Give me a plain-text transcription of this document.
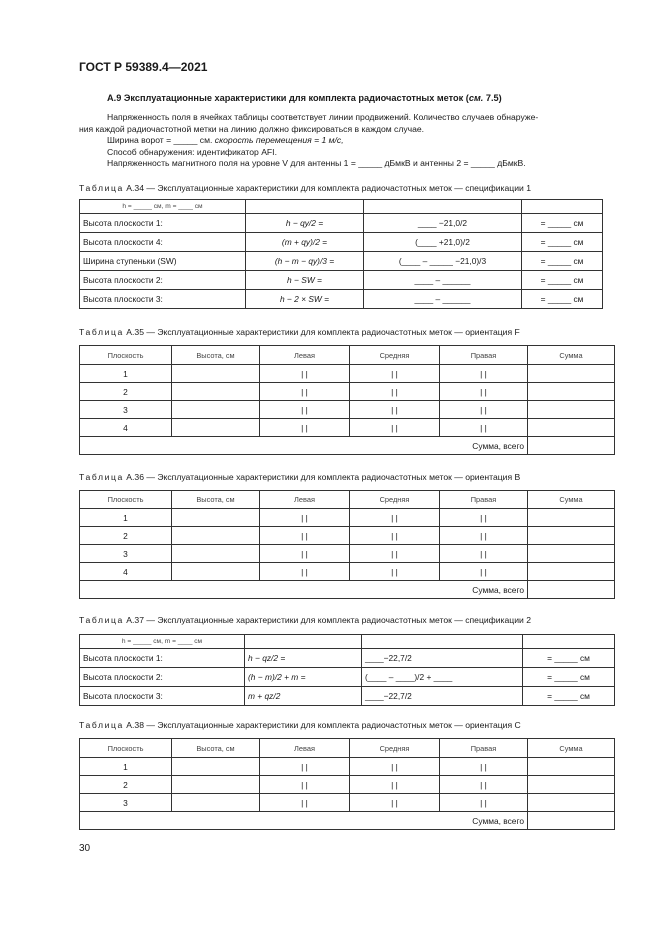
ГОСТ Р 59389.4—2021
А.9 Эксплуатационные характеристики для комплекта радиочастотных меток (см. 7.5)
Напряженность поля в ячейках таблицы соответствует линии продвижений. Количество случаев обнаруже-
ния каждой радиочастотной метки на линию должно фиксироваться в каждом случае.
Ширина ворот = _____ см. скорость перемещения = 1 м/с,
Способ обнаружения: идентификатор AFI.
Напряженность магнитного поля на уровне V для антенны 1 = _____ дБмкВ и антенны 2 = _____ дБмкВ.
Таблица А.34 — Эксплуатационные характеристики для комплекта радиочастотных меток — спецификации 1
h = _____ см, m = ____ см			
Высота плоскости 1:	h − qy/2 =	____ −21,0/2	= _____ см
Высота плоскости 4:	(m + qy)/2 =	(____ +21,0)/2	= _____ см
Ширина ступеньки (SW)	(h − m − qy)/3 =	(____ – _____ −21,0)/3	= _____ см
Высота плоскости 2:	h − SW =	____ – ______	= _____ см
Высота плоскости 3:	h − 2 × SW =	____ – ______	= _____ см
Таблица А.35 — Эксплуатационные характеристики для комплекта радиочастотных меток — ориентация F
Плоскость	Высота, см	Левая	Средняя	Правая	Сумма
1		| |	| |	| |	
2		| |	| |	| |	
3		| |	| |	| |	
4		| |	| |	| |	
Сумма, всего					
Таблица А.36 — Эксплуатационные характеристики для комплекта радиочастотных меток — ориентация B
Плоскость	Высота, см	Левая	Средняя	Правая	Сумма
1		| |	| |	| |	
2		| |	| |	| |	
3		| |	| |	| |	
4		| |	| |	| |	
Сумма, всего					
Таблица А.37 — Эксплуатационные характеристики для комплекта радиочастотных меток — спецификации 2
h = _____ см, m = ____ см			
Высота плоскости 1:	h − qz/2 =	____−22,7/2	= _____ см
Высота плоскости 2:	(h − m)/2 + m =	(____ – ____)/2 + ____	= _____ см
Высота плоскости 3:	m + qz/2	____−22,7/2	= _____ см
Таблица А.38 — Эксплуатационные характеристики для комплекта радиочастотных меток — ориентация C
Плоскость	Высота, см	Левая	Средняя	Правая	Сумма
1		| |	| |	| |	
2		| |	| |	| |	
3		| |	| |	| |	
Сумма, всего					
30
